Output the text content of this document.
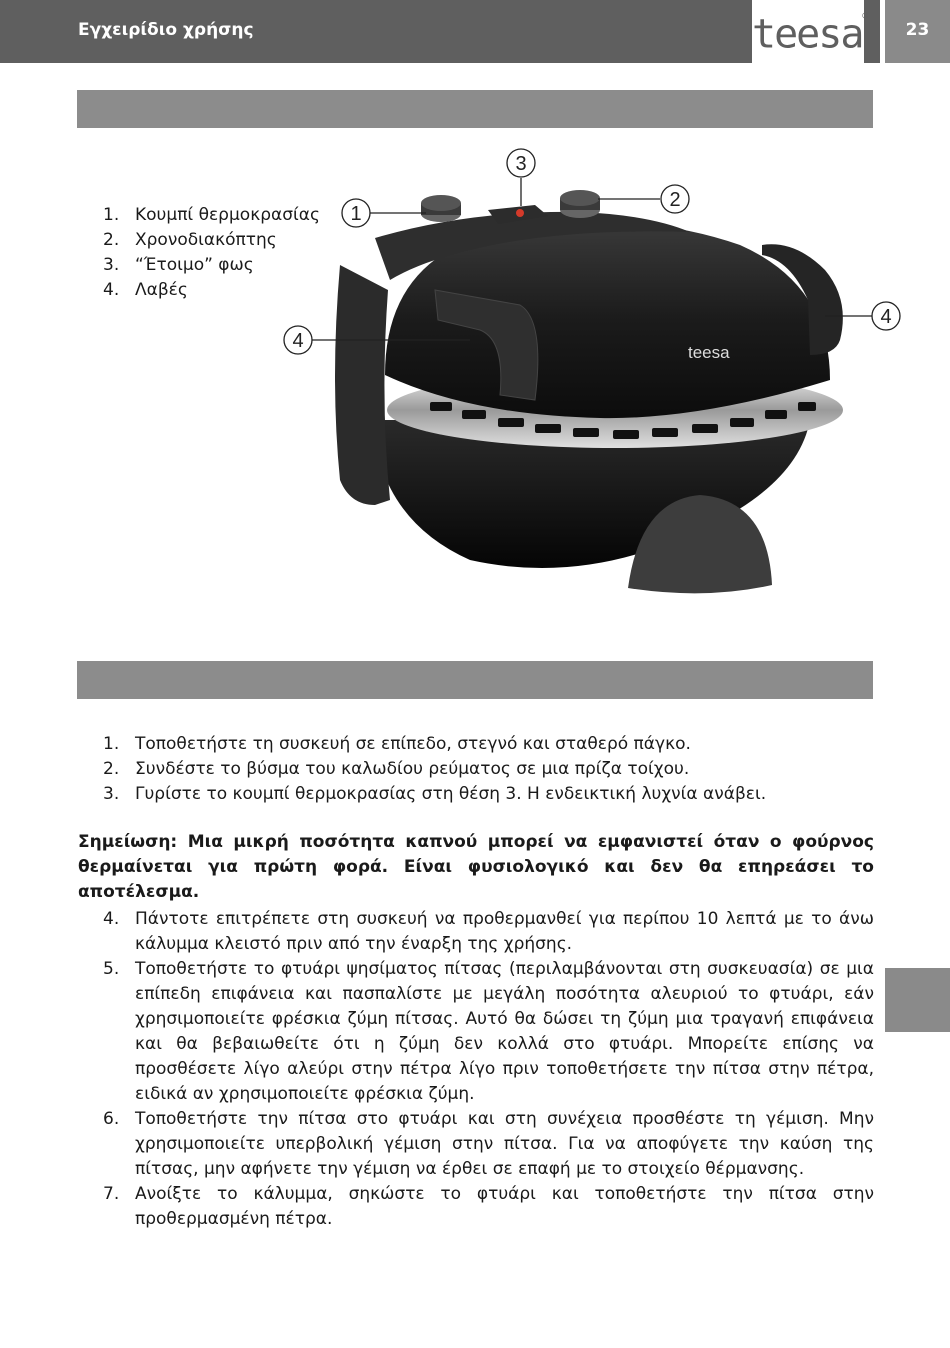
Εγχειρίδιο χρήσης	teesa®
23
1. Κουμπί θερμοκρασίας
2. Χρονοδιακόπτης
3. “Έτοιμο” φως
4. Λαβές
teesa
1
2
3
4
4
1. Τοποθετήστε τη συσκευή σε επίπεδο, στεγνό και σταθερό πάγκο.
2. Συνδέστε το βύσμα του καλωδίου ρεύματος σε μια πρίζα τοίχου.
3. Γυρίστε το κουμπί θερμοκρασίας στη θέση 3. Η ενδεικτική λυχνία ανάβει.
Σημείωση: Μια μικρή ποσότητα καπνού μπορεί να εμφανιστεί όταν ο φούρνος θερμαίνεται για πρώτη φορά. Είναι φυσιολογικό και δεν θα επηρεάσει το αποτέλεσμα.
4. Πάντοτε επιτρέπετε στη συσκευή να προθερμανθεί για περίπου 10 λεπτά με το άνω κάλυμμα κλειστό πριν από την έναρξη της χρήσης.
5. Τοποθετήστε το φτυάρι ψησίματος πίτσας (περιλαμβάνονται στη συσκευασία) σε μια επίπεδη επιφάνεια και πασπαλίστε με μεγάλη ποσότητα αλευριού το φτυάρι, εάν χρησιμοποιείτε φρέσκια ζύμη πίτσας. Αυτό θα δώσει τη ζύμη μια τραγανή επιφάνεια και θα βεβαιωθείτε ότι η ζύμη δεν κολλά στο φτυάρι. Μπορείτε επίσης να προσθέσετε λίγο αλεύρι στην πέτρα λίγο πριν τοποθετήσετε την πίτσα στην πέτρα, ειδικά αν χρησιμοποιείτε φρέσκια ζύμη.
6. Τοποθετήστε την πίτσα στο φτυάρι και στη συνέχεια προσθέστε τη γέμιση. Μην χρησιμοποιείτε υπερβολική γέμιση στην πίτσα. Για να αποφύγετε την καύση της πίτσας, μην αφήνετε την γέμιση να έρθει σε επαφή με το στοιχείο θέρμανσης.
7. Ανοίξτε το κάλυμμα, σηκώστε το φτυάρι και τοποθετήστε την πίτσα στην προθερμασμένη πέτρα.
